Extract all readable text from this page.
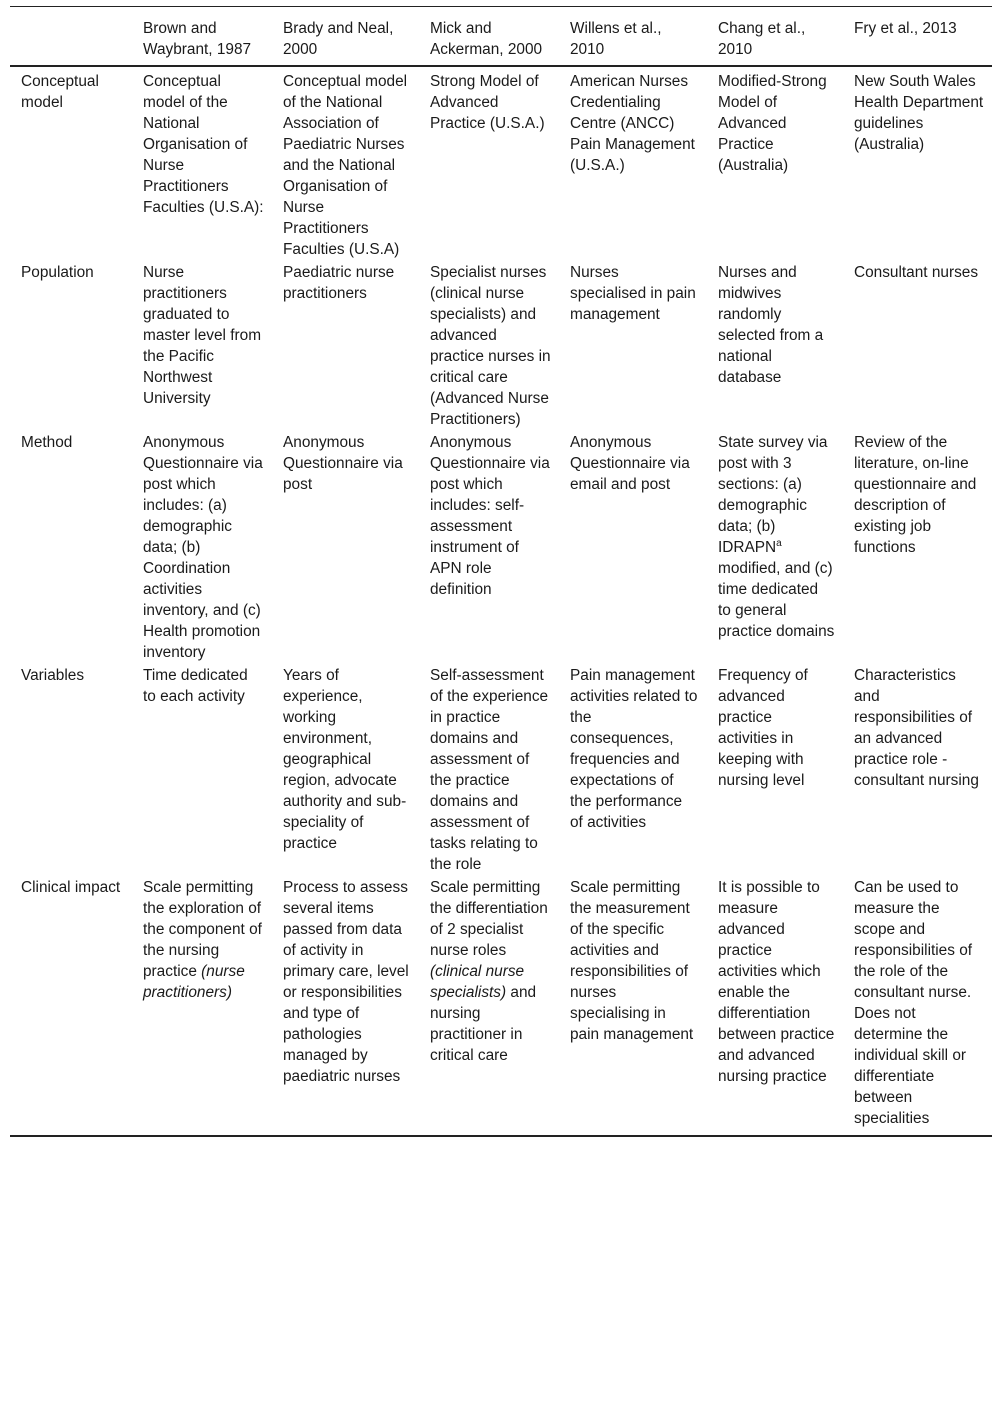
	Brown and Waybrant, 1987	Brady and Neal, 2000	Mick and Ackerman, 2000	Willens et al., 2010	Chang et al., 2010	Fry et al., 2013
Conceptual model	Conceptual model of the National Organisation of Nurse Practitioners Faculties (U.S.A):	Conceptual model of the National Association of Paediatric Nurses and the National Organisation of Nurse Practitioners Faculties (U.S.A)	Strong Model of Advanced Practice (U.S.A.)	American Nurses Credentialing Centre (ANCC) Pain Management (U.S.A.)	Modified-Strong Model of Advanced Practice (Australia)	New South Wales Health Department guidelines (Australia)
Population	Nurse practitioners graduated to master level from the Pacific Northwest University	Paediatric nurse practitioners	Specialist nurses (clinical nurse specialists) and advanced practice nurses in critical care (Advanced Nurse Practitioners)	Nurses specialised in pain management	Nurses and midwives randomly selected from a national database	Consultant nurses
Method	Anonymous Questionnaire via post which includes: (a) demographic data; (b) Coordination activities inventory, and (c) Health promotion inventory	Anonymous Questionnaire via post	Anonymous Questionnaire via post which includes: self-assessment instrument of APN role definition	Anonymous Questionnaire via email and post	State survey via post with 3 sections: (a) demographic data; (b) IDRAPN$^a$ modified, and (c) time dedicated to general practice domains	Review of the literature, on-line questionnaire and description of existing job functions
Variables	Time dedicated to each activity	Years of experience, working environment, geographical region, advocate authority and sub-speciality of practice	Self-assessment of the experience in practice domains and assessment of the practice domains and assessment of tasks relating to the role	Pain management activities related to the consequences, frequencies and expectations of the performance of activities	Frequency of advanced practice activities in keeping with nursing level	Characteristics and responsibilities of an advanced practice role - consultant nursing
Clinical impact	Scale permitting the exploration of the component of the nursing practice (nurse practitioners)	Process to assess several items passed from data of activity in primary care, level or responsibilities and type of pathologies managed by paediatric nurses	Scale permitting the differentiation of 2 specialist nurse roles (clinical nurse specialists) and nursing practitioner in critical care	Scale permitting the measurement of the specific activities and responsibilities of nurses specialising in pain management	It is possible to measure advanced practice activities which enable the differentiation between practice and advanced nursing practice	Can be used to measure the scope and responsibilities of the role of the consultant nurse. Does not determine the individual skill or differentiate between specialities
